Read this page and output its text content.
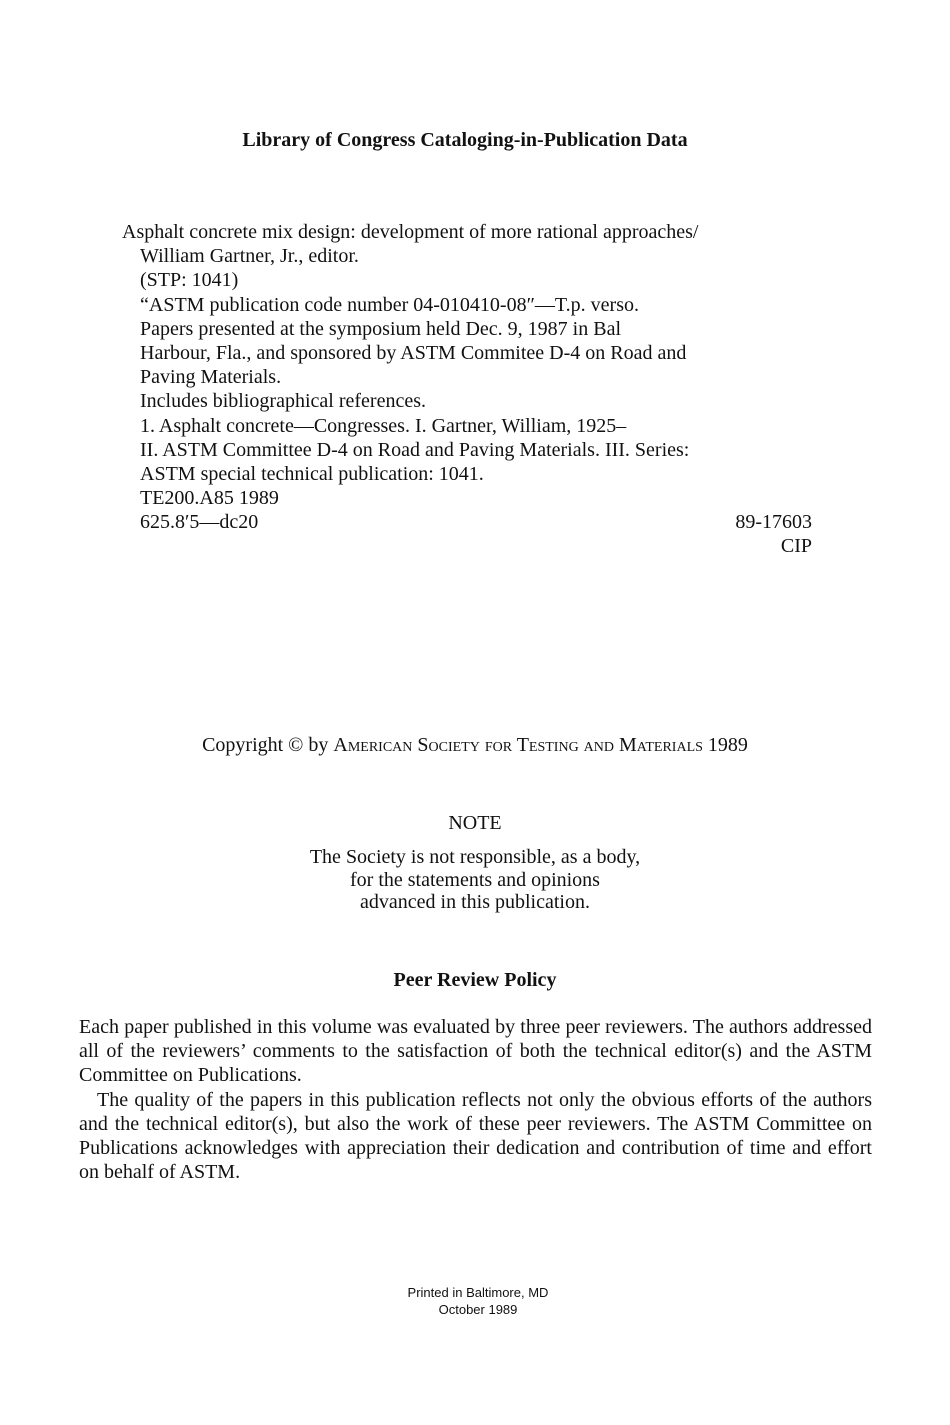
Library of Congress Cataloging-in-Publication Data
Asphalt concrete mix design: development of more rational approaches/
William Gartner, Jr., editor.
(STP: 1041)
“ASTM publication code number 04-010410-08″—T.p. verso.
Papers presented at the symposium held Dec. 9, 1987 in Bal
Harbour, Fla., and sponsored by ASTM Commitee D-4 on Road and
Paving Materials.
Includes bibliographical references.
1. Asphalt concrete—Congresses. I. Gartner, William, 1925–
II. ASTM Committee D-4 on Road and Paving Materials. III. Series:
ASTM special technical publication: 1041.
TE200.A85 1989
625.8′5—dc20	89-17603
CIP

Copyright © by American Society for Testing and Materials 1989

NOTE

The Society is not responsible, as a body,
for the statements and opinions
advanced in this publication.
Peer Review Policy

Each paper published in this volume was evaluated by three peer reviewers. The authors addressed all of the reviewers’ comments to the satisfaction of both the technical editor(s) and the ASTM Committee on Publications.

The quality of the papers in this publication reflects not only the obvious efforts of the authors and the technical editor(s), but also the work of these peer reviewers. The ASTM Committee on Publications acknowledges with appreciation their dedication and contribution of time and effort on behalf of ASTM.

Printed in Baltimore, MD
October 1989
